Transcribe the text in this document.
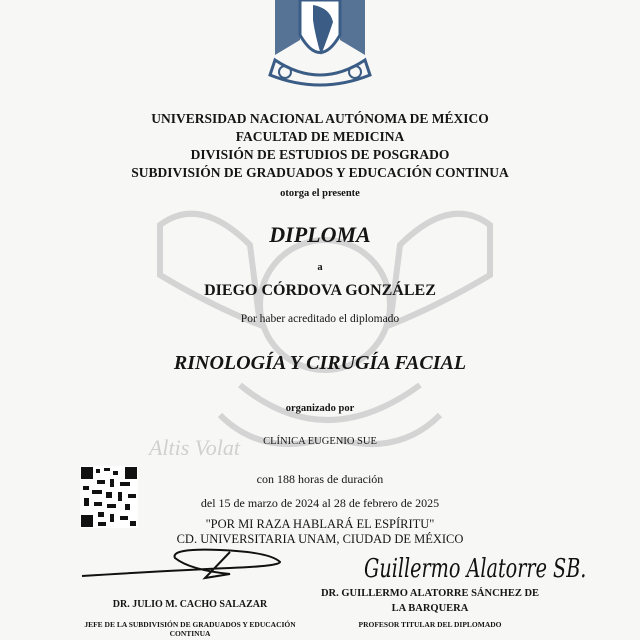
Altis Volat
UNIVERSIDAD NACIONAL AUTÓNOMA DE MÉXICO
FACULTAD DE MEDICINA
DIVISIÓN DE ESTUDIOS DE POSGRADO
SUBDIVISIÓN DE GRADUADOS Y EDUCACIÓN CONTINUA
otorga el presente
DIPLOMA
a
DIEGO CÓRDOVA GONZÁLEZ
Por haber acreditado el diplomado
RINOLOGÍA Y CIRUGÍA FACIAL
organizado por
CLÍNICA EUGENIO SUE
con 188 horas de duración
del 15 de marzo de 2024 al 28 de febrero de 2025
"POR MI RAZA HABLARÁ EL ESPÍRITU"
CD. UNIVERSITARIA UNAM, CIUDAD DE MÉXICO
Guillermo Alatorre SB.
DR. JULIO M. CACHO SALAZAR
JEFE DE LA SUBDIVISIÓN DE GRADUADOS Y EDUCACIÓN CONTINUA
DR. GUILLERMO ALATORRE SÁNCHEZ DE LA BARQUERA
PROFESOR TITULAR DEL DIPLOMADO
